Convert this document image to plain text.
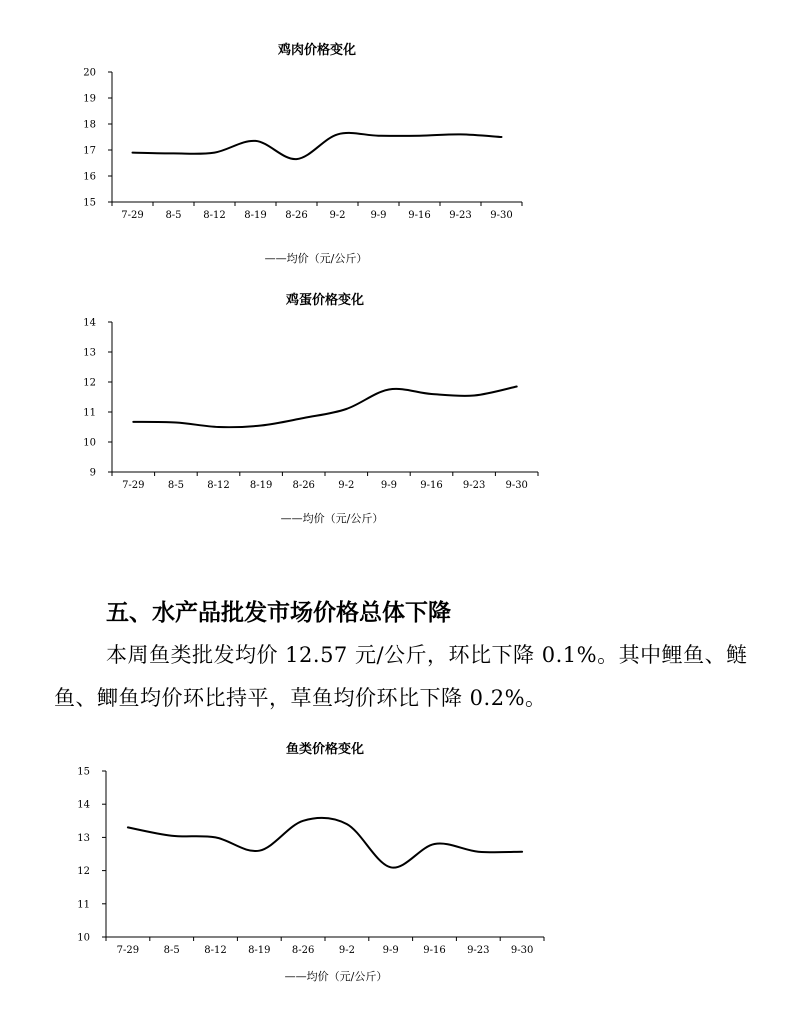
鸡肉价格变化
15
16
17
18
19
20
7-29 8-5 8-12 8-19 8-26 9-2 9-9 9-16 9-23 9-30
——均价（元/公斤）
鸡蛋价格变化
9
10
11
12
13
14
7-29 8-5 8-12 8-19 8-26 9-2	9-9 9-16 9-23 9-30
——均价（元/公斤）
五、水产品批发市场价格总体下降

本周鱼类批发均价 12.57 元/公斤，环比下降 0.1%。其中鲤鱼、鲢鱼、鲫鱼均价环比持平，草鱼均价环比下降 0.2%。

鱼类价格变化
10
11
12
13
14
15
7-29 8-5 8-12 8-19 8-26 9-2	9-9 9-16 9-23 9-30
——均价（元/公斤）
